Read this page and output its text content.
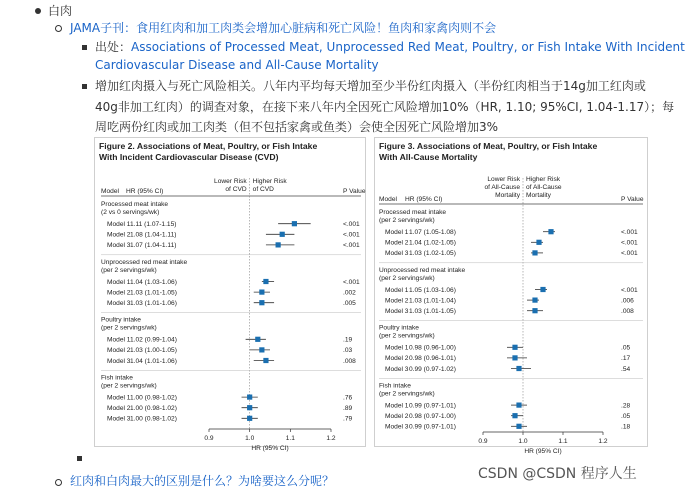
白肉
JAMA子刊：食用红肉和加工肉类会增加心脏病和死亡风险！鱼肉和家禽肉则不会
出处：Associations of Processed Meat, Unprocessed Red Meat, Poultry, or Fish Intake With Incident
Cardiovascular Disease and All-Cause Mortality
增加红肉摄入与死亡风险相关。八年内平均每天增加至少半份红肉摄入（半份红肉相当于14g加工红肉或
40g非加工红肉）的调查对象，在接下来八年内全因死亡风险增加10%（HR, 1.10; 95%CI, 1.04-1.17）；每
周吃两份红肉或加工肉类（但不包括家禽或鱼类）会使全因死亡风险增加3%
Figure 2. Associations of Meat, Poultry, or Fish Intake
With Incident Cardiovascular Disease (CVD)
Lower Risk
of CVD
Higher Risk
of CVD
Model HR (95% CI)	P Value
Processed meat intake
(2 vs 0 servings/wk)
Model 1 1.11 (1.07-1.15)	<.001
Model 2 1.08 (1.04-1.11)	<.001
Model 3 1.07 (1.04-1.11)	<.001
Unprocessed red meat intake
(per 2 servings/wk)
Model 1 1.04 (1.03-1.06)	<.001
Model 2 1.03 (1.01-1.05)	.002
Model 3 1.03 (1.01-1.06)	.005
Poultry intake
(per 2 servings/wk)
Model 1 1.02 (0.99-1.04)	.19
Model 2 1.03 (1.00-1.05)	.03
Model 3 1.04 (1.01-1.06)	.008
Fish intake
(per 2 servings/wk)
Model 1 1.00 (0.98-1.02)	.76
Model 2 1.00 (0.98-1.02)	.89
Model 3 1.00 (0.98-1.02)	.79
0.9	1.0	1.1	1.2
HR (95% CI)
Figure 3. Associations of Meat, Poultry, or Fish Intake
With All-Cause Mortality
Lower Risk
of All-Cause
Mortality
Higher Risk
of All-Cause
Mortality
Model HR (95% CI)	P Value
Processed meat intake
(per 2 servings/wk)
Model 1 1.07 (1.05-1.08)	<.001
Model 2 1.04 (1.02-1.05)	<.001
Model 3 1.03 (1.02-1.05)	<.001
Unprocessed red meat intake
(per 2 servings/wk)
Model 1 1.05 (1.03-1.06)	<.001
Model 2 1.03 (1.01-1.04)	.006
Model 3 1.03 (1.01-1.05)	.008
Poultry intake
(per 2 servings/wk)
Model 1 0.98 (0.96-1.00)	.05
Model 2 0.98 (0.96-1.01)	.17
Model 3 0.99 (0.97-1.02)	.54
Fish intake
(per 2 servings/wk)
Model 1 0.99 (0.97-1.01)	.28
Model 2 0.98 (0.97-1.00)	.05
Model 3 0.99 (0.97-1.01)	.18
0.9	1.0	1.1	1.2
HR (95% CI)
红肉和白肉最大的区别是什么？为啥要这么分呢？	CSDN @CSDN 程序人生
